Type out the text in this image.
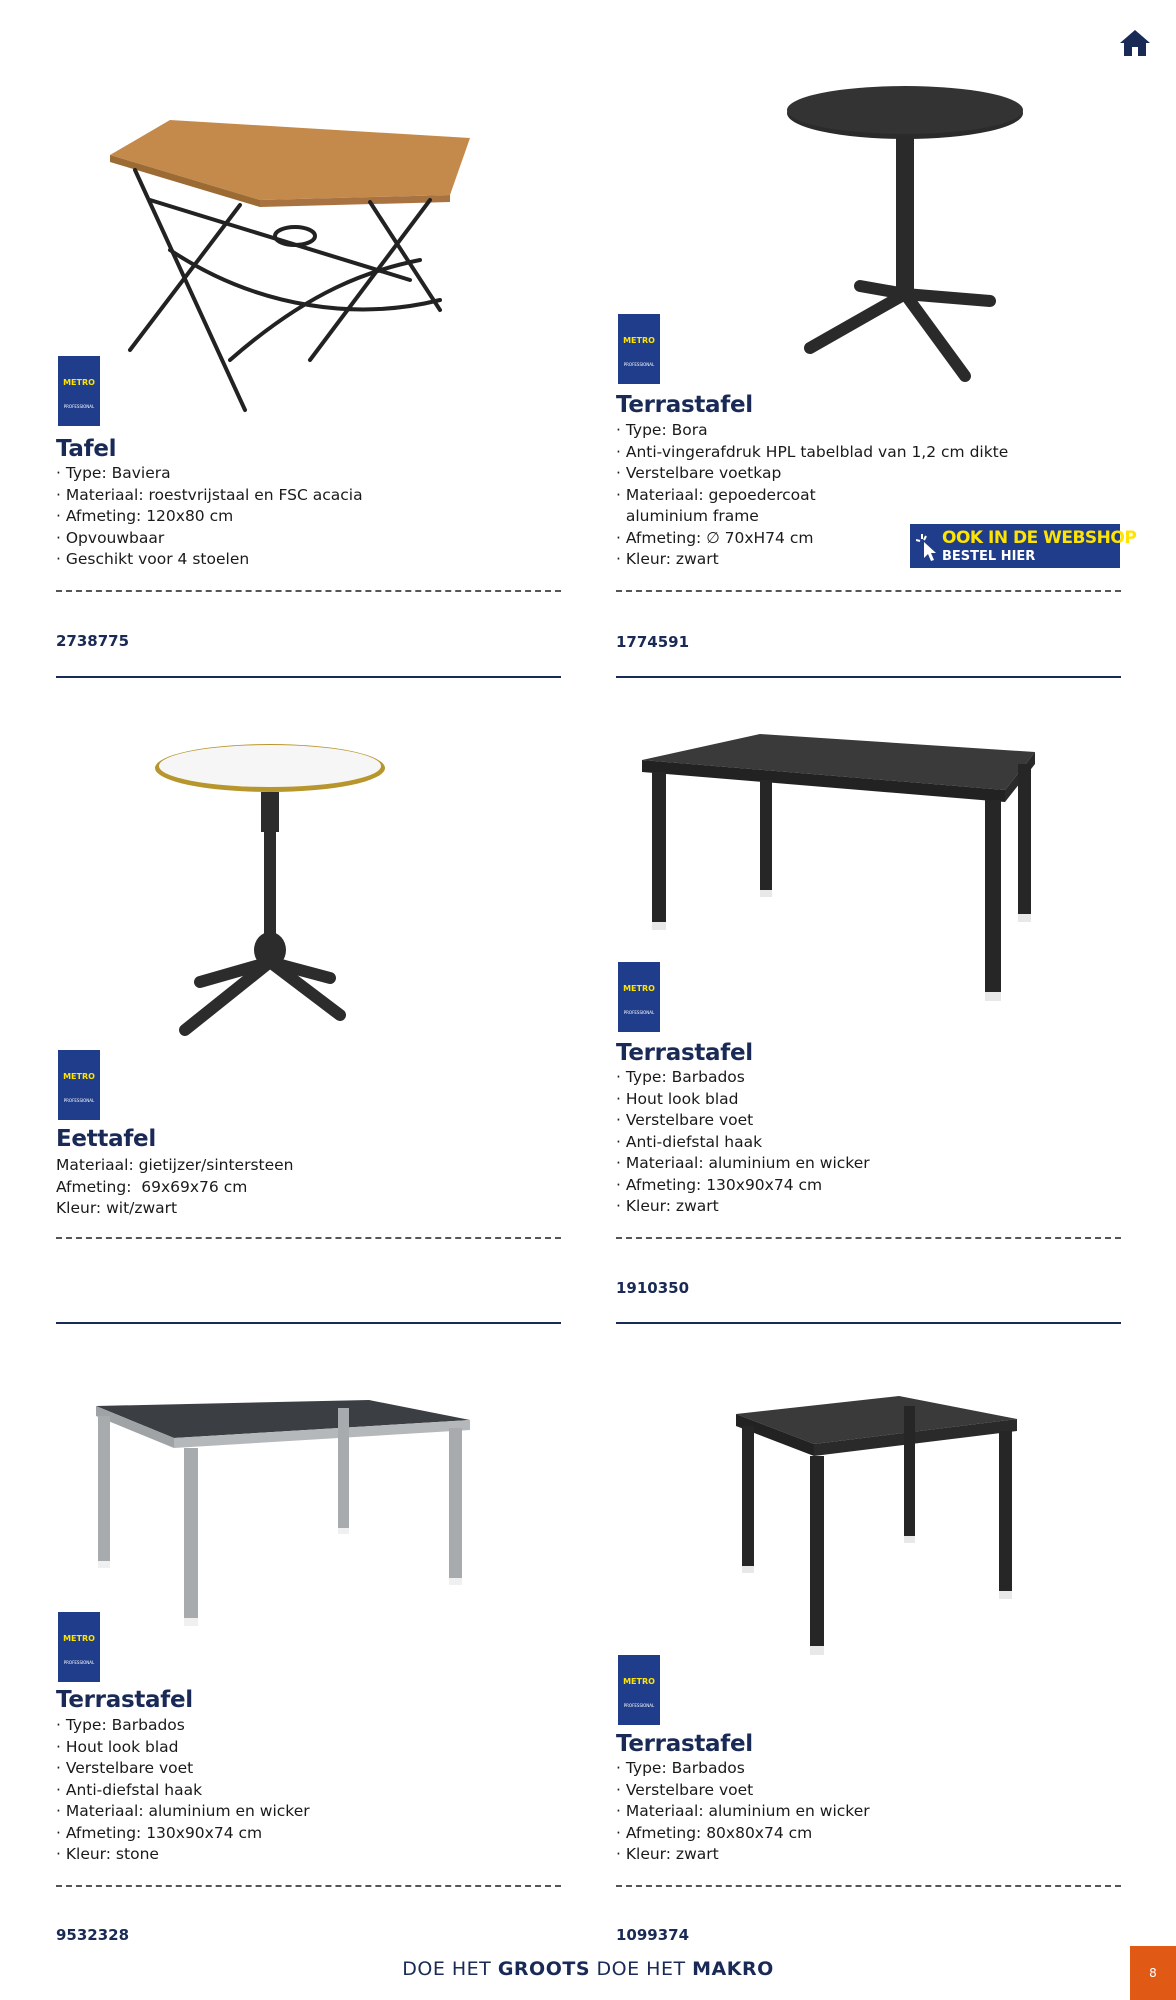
METRO
PROFESSIONAL
Tafel
· Type: Baviera
· Materiaal: roestvrijstaal en FSC acacia
· Afmeting: 120x80 cm
· Opvouwbaar
· Geschikt voor 4 stoelen
2738775
METRO
PROFESSIONAL
Terrastafel
· Type: Bora
· Anti-vingerafdruk HPL tabelblad van 1,2 cm dikte
· Verstelbare voetkap
· Materiaal: gepoedercoat
aluminium frame
· Afmeting: ∅ 70xH74 cm
· Kleur: zwart
OOK IN DE WEBSHOP
BESTEL HIER
1774591
METRO
PROFESSIONAL
Eettafel
Materiaal: gietijzer/sintersteen
Afmeting:  69x69x76 cm
Kleur: wit/zwart
METRO
PROFESSIONAL
Terrastafel
· Type: Barbados
· Hout look blad
· Verstelbare voet
· Anti-diefstal haak
· Materiaal: aluminium en wicker
· Afmeting: 130x90x74 cm
· Kleur: zwart
1910350
METRO
PROFESSIONAL
Terrastafel
· Type: Barbados
· Hout look blad
· Verstelbare voet
· Anti-diefstal haak
· Materiaal: aluminium en wicker
· Afmeting: 130x90x74 cm
· Kleur: stone
9532328
METRO
PROFESSIONAL
Terrastafel
· Type: Barbados
· Verstelbare voet
· Materiaal: aluminium en wicker
· Afmeting: 80x80x74 cm
· Kleur: zwart
1099374
DOE HET GROOTS DOE HET MAKRO	8
